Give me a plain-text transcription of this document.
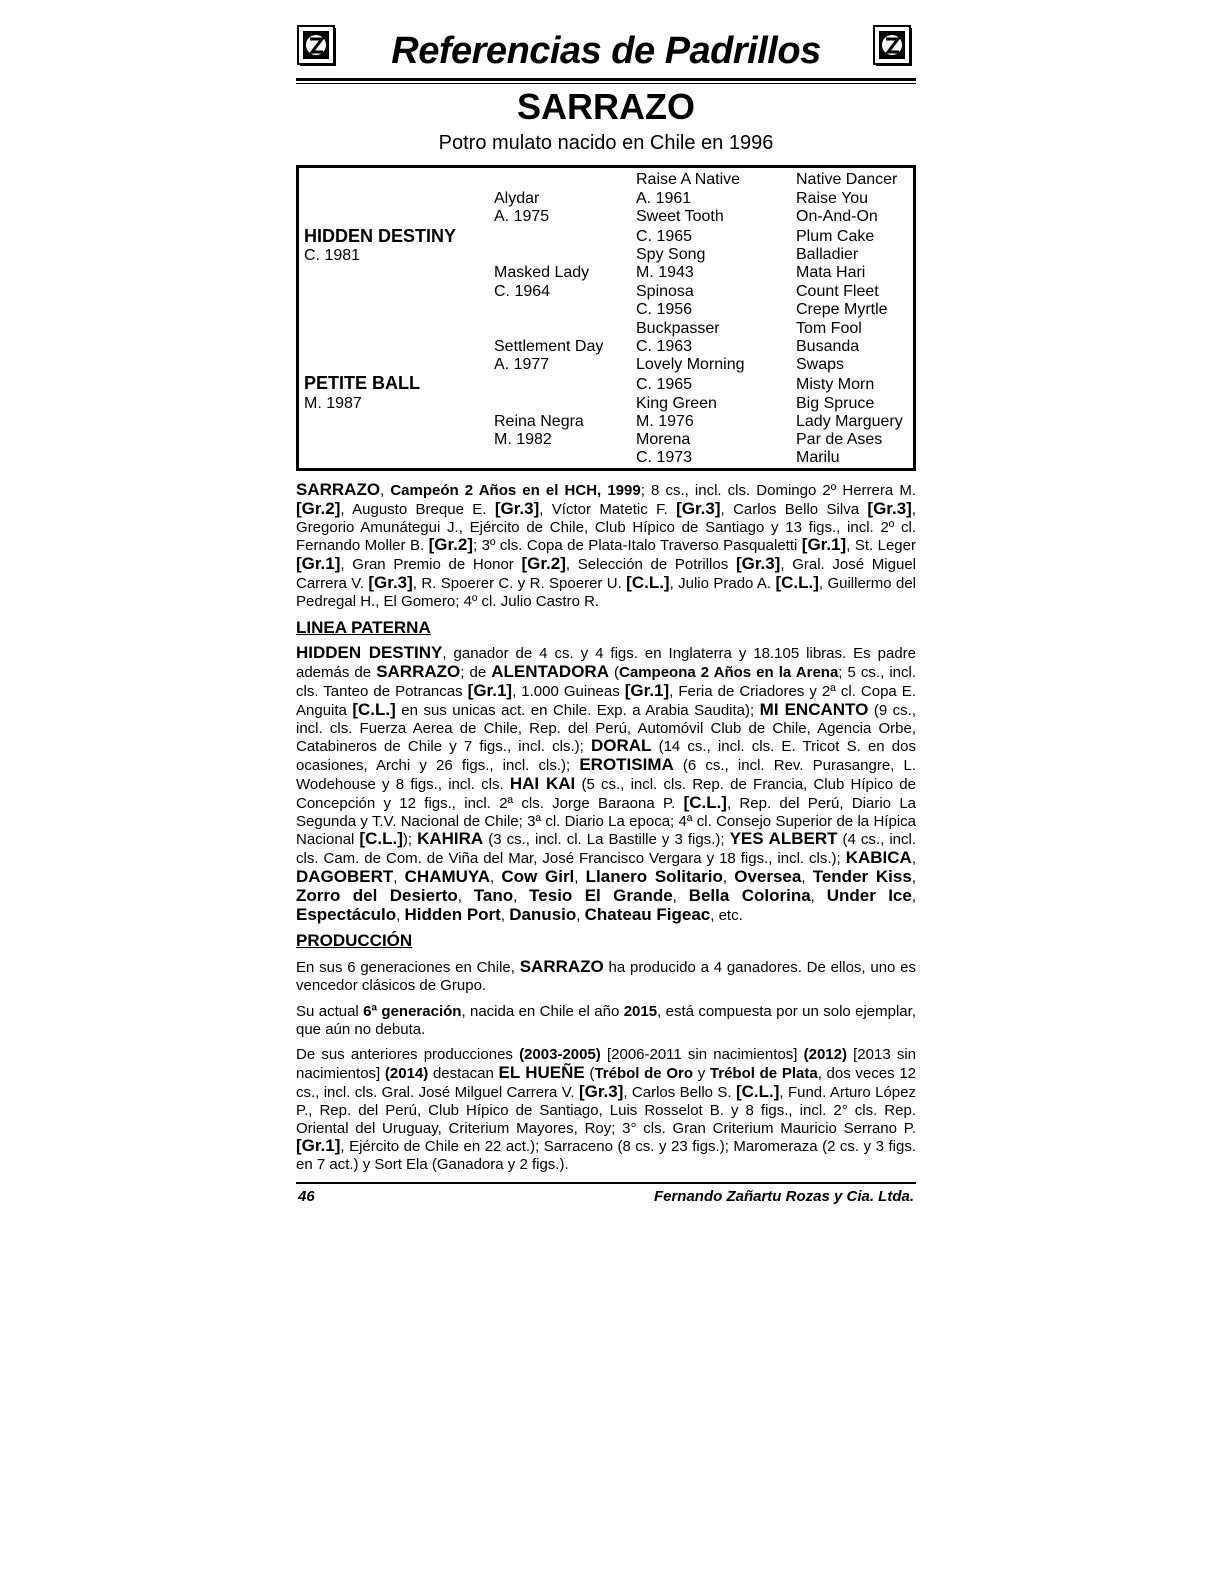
Referencias de Padrillos
SARRAZO
Potro mulato nacido en Chile en 1996
HIDDEN DESTINY
C. 1981
PETITE BALL
M. 1987
Alydar
A. 1975
Masked Lady
C. 1964
Settlement Day
A. 1977
Reina Negra
M. 1982
Raise A Native
A. 1961
Sweet Tooth
C. 1965
Spy Song
M. 1943
Spinosa
C. 1956
Buckpasser
C. 1963
Lovely Morning
C. 1965
King Green
M. 1976
Morena
C. 1973
Native Dancer
Raise You
On-And-On
Plum Cake
Balladier
Mata Hari
Count Fleet
Crepe Myrtle
Tom Fool
Busanda
Swaps
Misty Morn
Big Spruce
Lady Marguery
Par de Ases
Marilu

SARRAZO, Campeón 2 Años en el HCH, 1999; 8 cs., incl. cls. Domingo 2º Herrera M. [Gr.2], Augusto Breque E. [Gr.3], Víctor Matetic F. [Gr.3], Carlos Bello Silva [Gr.3], Gregorio Amunátegui J., Ejército de Chile, Club Hípico de Santiago y 13 figs., incl. 2º cl. Fernando Moller B. [Gr.2]; 3º cls. Copa de Plata-Italo Traverso Pasqualetti [Gr.1], St. Leger [Gr.1], Gran Premio de Honor [Gr.2], Selección de Potrillos [Gr.3], Gral. José Miguel Carrera V. [Gr.3], R. Spoerer C. y R. Spoerer U. [C.L.], Julio Prado A. [C.L.], Guillermo del Pedregal H., El Gomero; 4º cl. Julio Castro R.

LINEA PATERNA

HIDDEN DESTINY, ganador de 4 cs. y 4 figs. en Inglaterra y 18.105 libras. Es padre además de SARRAZO; de ALENTADORA (Campeona 2 Años en la Arena; 5 cs., incl. cls. Tanteo de Potrancas [Gr.1], 1.000 Guineas [Gr.1], Feria de Criadores y 2ª cl. Copa E. Anguita [C.L.] en sus unicas act. en Chile. Exp. a Arabia Saudita); MI ENCANTO (9 cs., incl. cls. Fuerza Aerea de Chile, Rep. del Perú, Automóvil Club de Chile, Agencia Orbe, Catabineros de Chile y 7 figs., incl. cls.); DORAL (14 cs., incl. cls. E. Tricot S. en dos ocasiones, Archi y 26 figs., incl. cls.); EROTISIMA (6 cs., incl. Rev. Purasangre, L. Wodehouse y 8 figs., incl. cls. HAI KAI (5 cs., incl. cls. Rep. de Francia, Club Hípico de Concepción y 12 figs., incl. 2ª cls. Jorge Baraona P. [C.L.], Rep. del Perú, Diario La Segunda y T.V. Nacional de Chile; 3ª cl. Diario La epoca; 4ª cl. Consejo Superior de la Hípica Nacional [C.L.]); KAHIRA (3 cs., incl. cl. La Bastille y 3 figs.); YES ALBERT (4 cs., incl. cls. Cam. de Com. de Viña del Mar, José Francisco Vergara y 18 figs., incl. cls.); KABICA, DAGOBERT, CHAMUYA, Cow Girl, Llanero Solitario, Oversea, Tender Kiss, Zorro del Desierto, Tano, Tesio El Grande, Bella Colorina, Under Ice, Espectáculo, Hidden Port, Danusio, Chateau Figeac, etc.

PRODUCCIÓN

En sus 6 generaciones en Chile, SARRAZO ha producido a 4 ganadores. De ellos, uno es vencedor clásicos de Grupo.

Su actual 6ª generación, nacida en Chile el año 2015, está compuesta por un solo ejemplar, que aún no debuta.

De sus anteriores producciones (2003-2005) [2006-2011 sin nacimientos] (2012) [2013 sin nacimientos] (2014) destacan EL HUEÑE (Trébol de Oro y Trébol de Plata, dos veces 12 cs., incl. cls. Gral. José Milguel Carrera V. [Gr.3], Carlos Bello S. [C.L.], Fund. Arturo López P., Rep. del Perú, Club Hípico de Santiago, Luis Rosselot B. y 8 figs., incl. 2° cls. Rep. Oriental del Uruguay, Criterium Mayores, Roy; 3° cls. Gran Criterium Mauricio Serrano P. [Gr.1], Ejército de Chile en 22 act.); Sarraceno (8 cs. y 23 figs.); Maromeraza (2 cs. y 3 figs. en 7 act.) y Sort Ela (Ganadora y 2 figs.).

46	Fernando Zañartu Rozas y Cia. Ltda.
